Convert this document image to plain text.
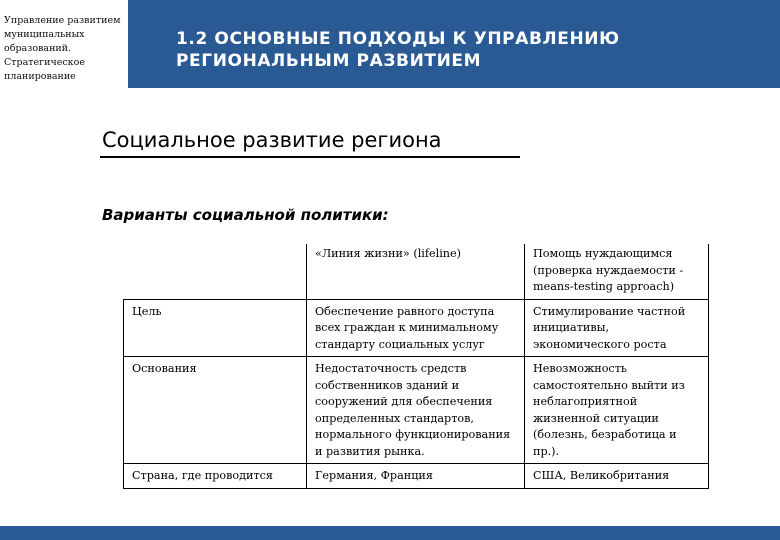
Управление развитием муниципальных образований. Стратегическое планирование
1.2 ОСНОВНЫЕ ПОДХОДЫ К УПРАВЛЕНИЮ РЕГИОНАЛЬНЫМ РАЗВИТИЕМ
Социальное развитие региона
Варианты социальной политики:
	«Линия жизни» (lifeline)	Помощь нуждающимся (проверка нуждаемости - means-testing approach)
Цель	Обеспечение равного доступа всех граждан к минимальному стандарту социальных услуг	Стимулирование частной инициативы, экономического роста
Основания	Недостаточность средств собственников зданий и сооружений для обеспечения определенных стандартов, нормального функционирования и развития рынка.	Невозможность самостоятельно выйти из неблагоприятной жизненной ситуации (болезнь, безработица и пр.).
Страна, где проводится	Германия, Франция	США, Великобритания
